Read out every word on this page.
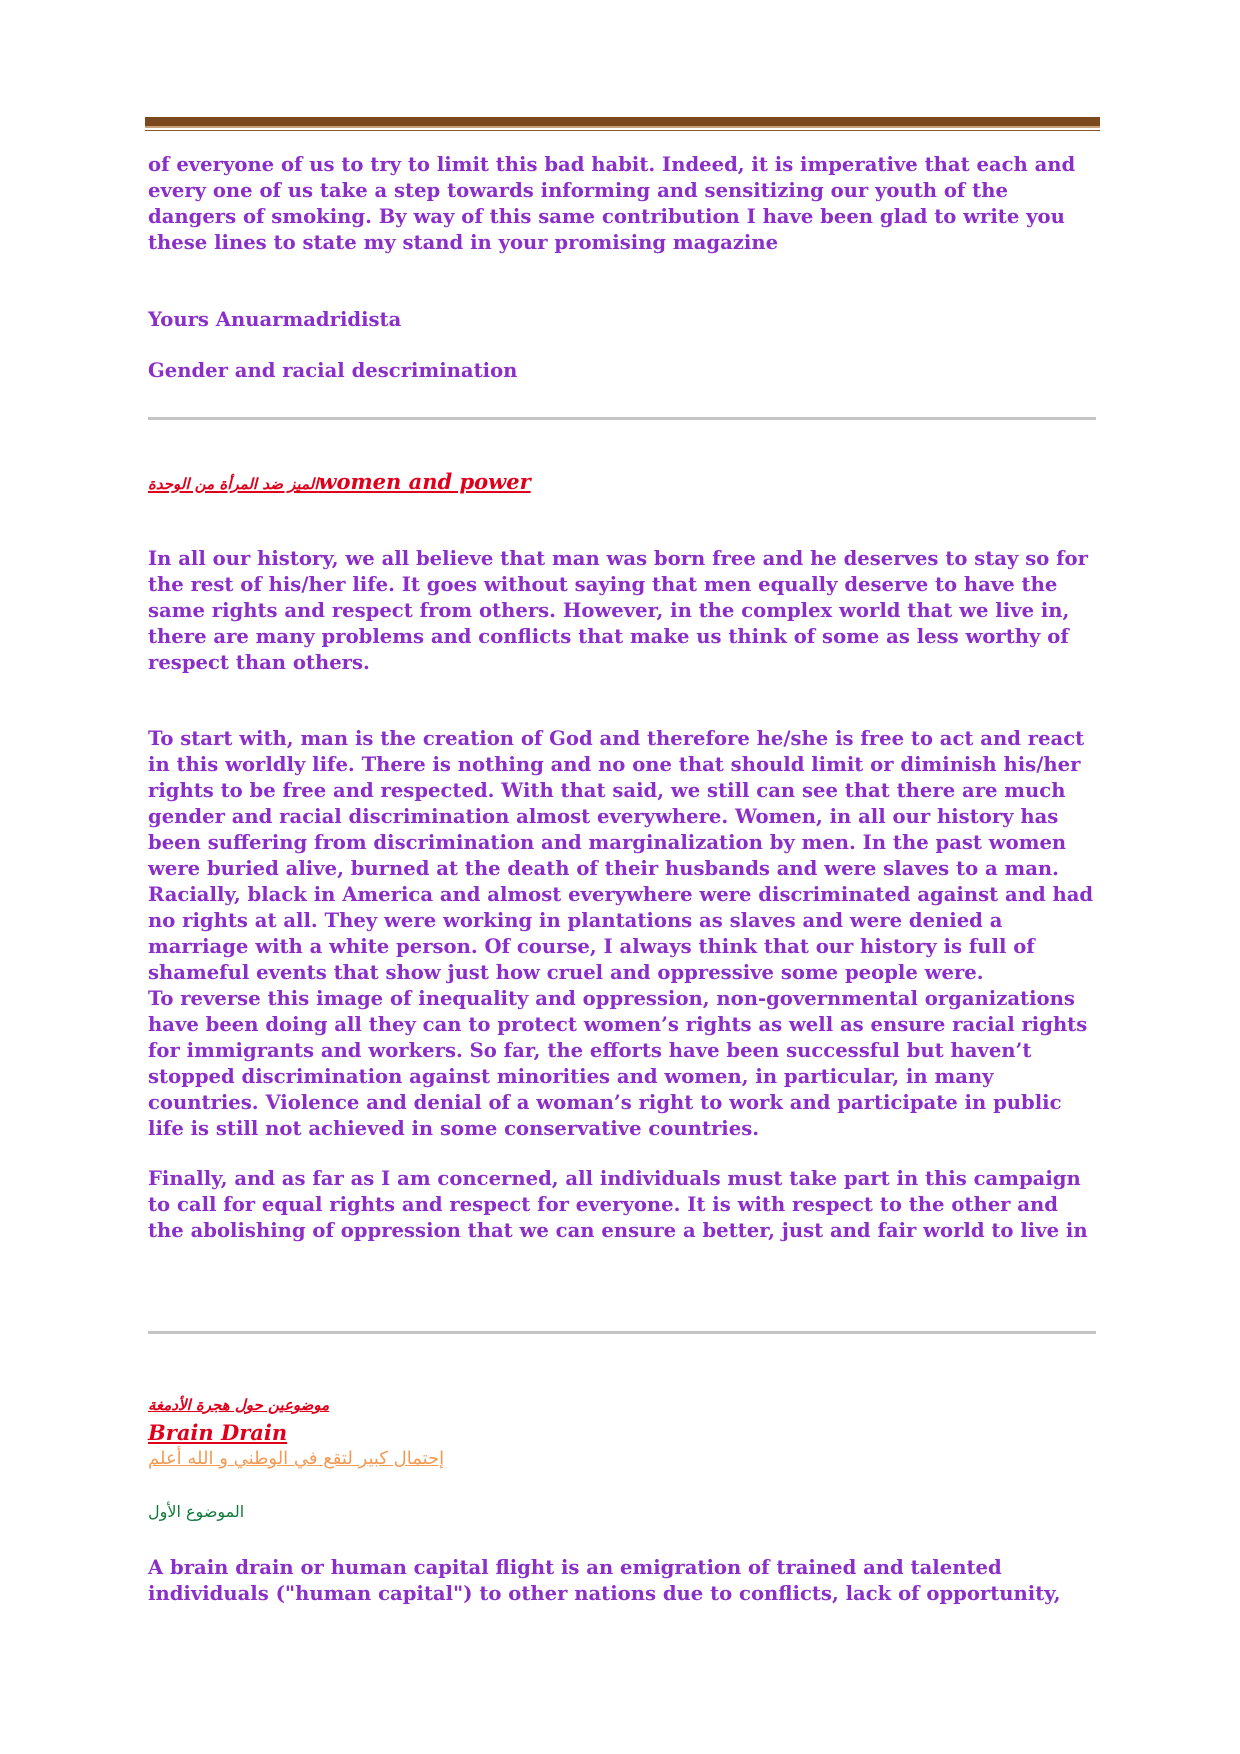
of everyone of us to try to limit this bad habit. Indeed, it is imperative that each and every one of us take a step towards informing and sensitizing our youth of the dangers of smoking. By way of this same contribution I have been glad to write you these lines to state my stand in your promising magazine

Yours Anuarmadridista

Gender and racial descrimination

الميز ضد المرأة من الوحدةwomen and power

In all our history, we all believe that man was born free and he deserves to stay so for the rest of his/her life. It goes without saying that men equally deserve to have the same rights and respect from others. However, in the complex world that we live in, there are many problems and conflicts that make us think of some as less worthy of respect than others.

To start with, man is the creation of God and therefore he/she is free to act and react in this worldly life. There is nothing and no one that should limit or diminish his/her rights to be free and respected. With that said, we still can see that there are much gender and racial discrimination almost everywhere. Women, in all our history has been suffering from discrimination and marginalization by men. In the past women were buried alive, burned at the death of their husbands and were slaves to a man. Racially, black in America and almost everywhere were discriminated against and had no rights at all. They were working in plantations as slaves and were denied a marriage with a white person. Of course, I always think that our history is full of shameful events that show just how cruel and oppressive some people were.

To reverse this image of inequality and oppression, non-governmental organizations have been doing all they can to protect women’s rights as well as ensure racial rights for immigrants and workers. So far, the efforts have been successful but haven’t stopped discrimination against minorities and women, in particular, in many countries. Violence and denial of a woman’s right to work and participate in public life is still not achieved in some conservative countries.

Finally, and as far as I am concerned, all individuals must take part in this campaign to call for equal rights and respect for everyone. It is with respect to the other and the abolishing of oppression that we can ensure a better, just and fair world to live in

موضوعين حول هجرة الأدمغة
Brain Drain
إحتمال كبير لتقع في الوطني و الله أعلم
الموضوع الأول

A brain drain or human capital flight is an emigration of trained and talented individuals ("human capital") to other nations due to conflicts, lack of opportunity,
